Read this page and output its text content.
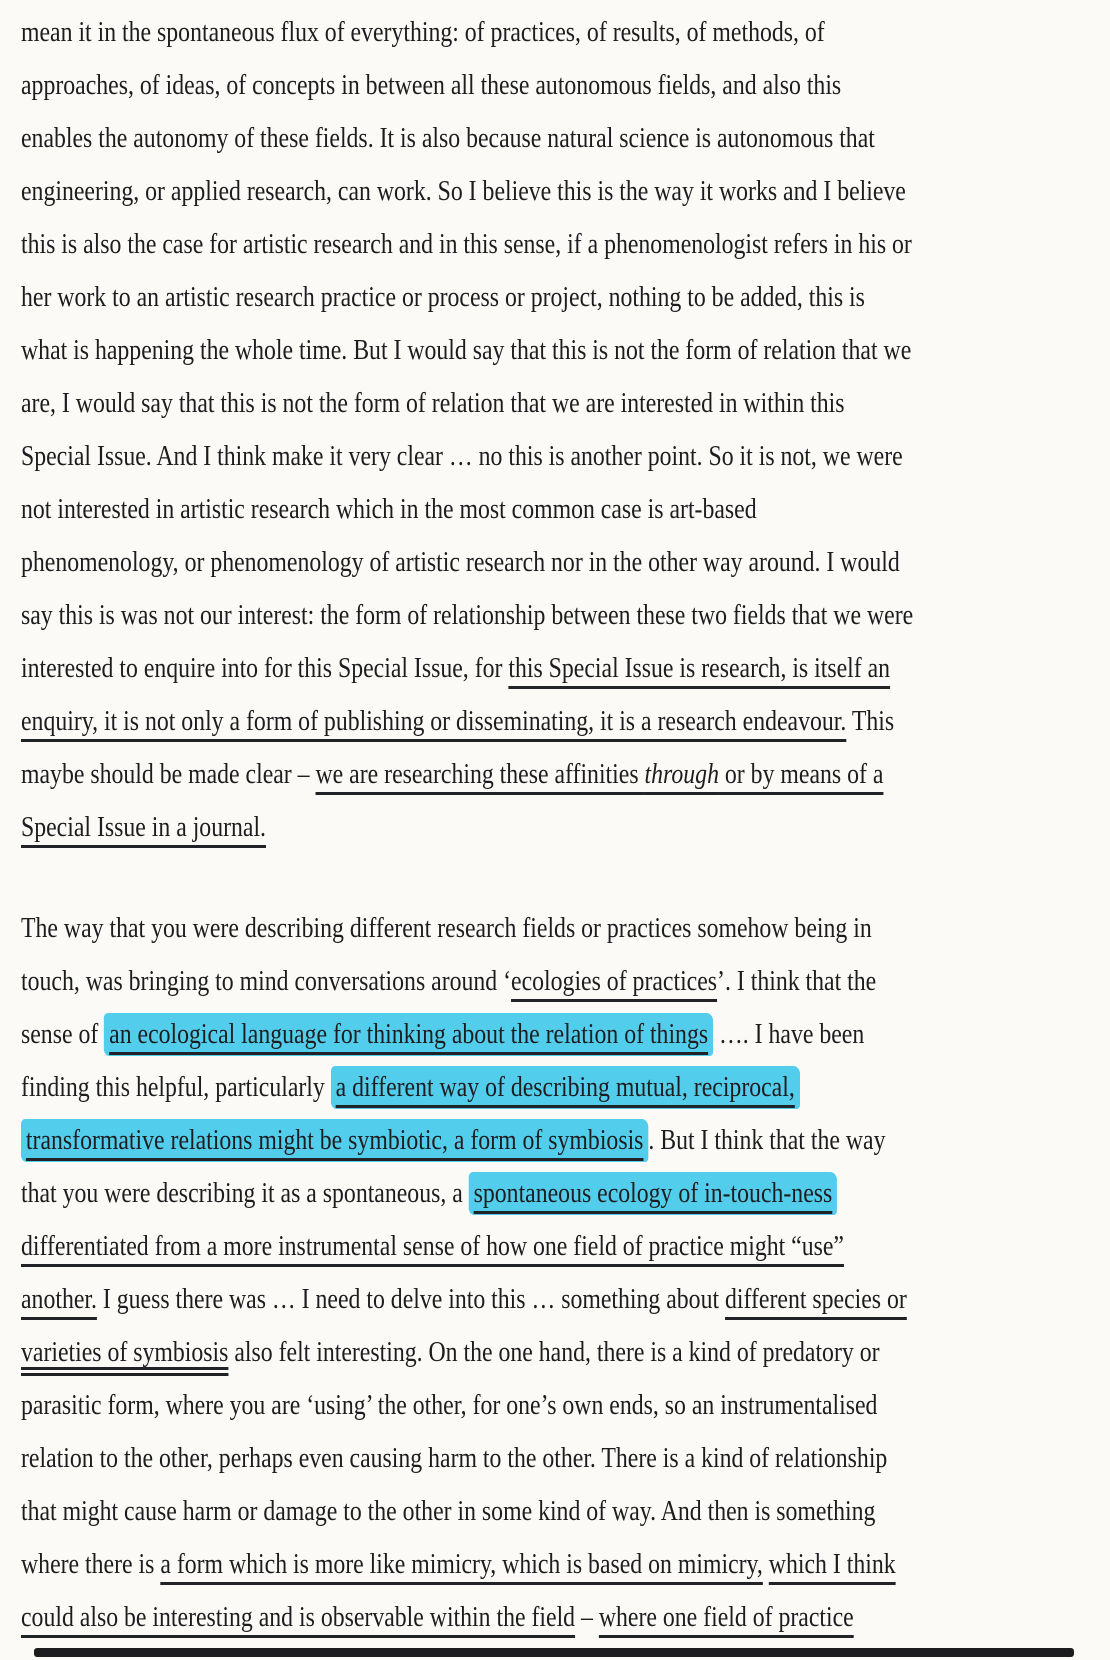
mean it in the spontaneous flux of everything: of practices, of results, of methods, of
approaches, of ideas, of concepts in between all these autonomous fields, and also this
enables the autonomy of these fields. It is also because natural science is autonomous that
engineering, or applied research, can work. So I believe this is the way it works and I believe
this is also the case for artistic research and in this sense, if a phenomenologist refers in his or
her work to an artistic research practice or process or project, nothing to be added, this is
what is happening the whole time. But I would say that this is not the form of relation that we
are, I would say that this is not the form of relation that we are interested in within this
Special Issue. And I think make it very clear … no this is another point. So it is not, we were
not interested in artistic research which in the most common case is art-based
phenomenology, or phenomenology of artistic research nor in the other way around. I would
say this is was not our interest: the form of relationship between these two fields that we were
interested to enquire into for this Special Issue, for this Special Issue is research, is itself an
enquiry, it is not only a form of publishing or disseminating, it is a research endeavour. This
maybe should be made clear – we are researching these affinities through or by means of a
Special Issue in a journal.
The way that you were describing different research fields or practices somehow being in
touch, was bringing to mind conversations around ‘ecologies of practices’. I think that the
sense of an ecological language for thinking about the relation of things …. I have been
finding this helpful, particularly a different way of describing mutual, reciprocal,
transformative relations might be symbiotic, a form of symbiosis . But I think that the way
that you were describing it as a spontaneous, a spontaneous ecology of in-touch-ness
differentiated from a more instrumental sense of how one field of practice might “use”
another. I guess there was … I need to delve into this … something about different species or
varieties of symbiosis also felt interesting. On the one hand, there is a kind of predatory or
parasitic form, where you are ‘using’ the other, for one’s own ends, so an instrumentalised
relation to the other, perhaps even causing harm to the other. There is a kind of relationship
that might cause harm or damage to the other in some kind of way. And then is something
where there is a form which is more like mimicry, which is based on mimicry, which I think
could also be interesting and is observable within the field – where one field of practice
